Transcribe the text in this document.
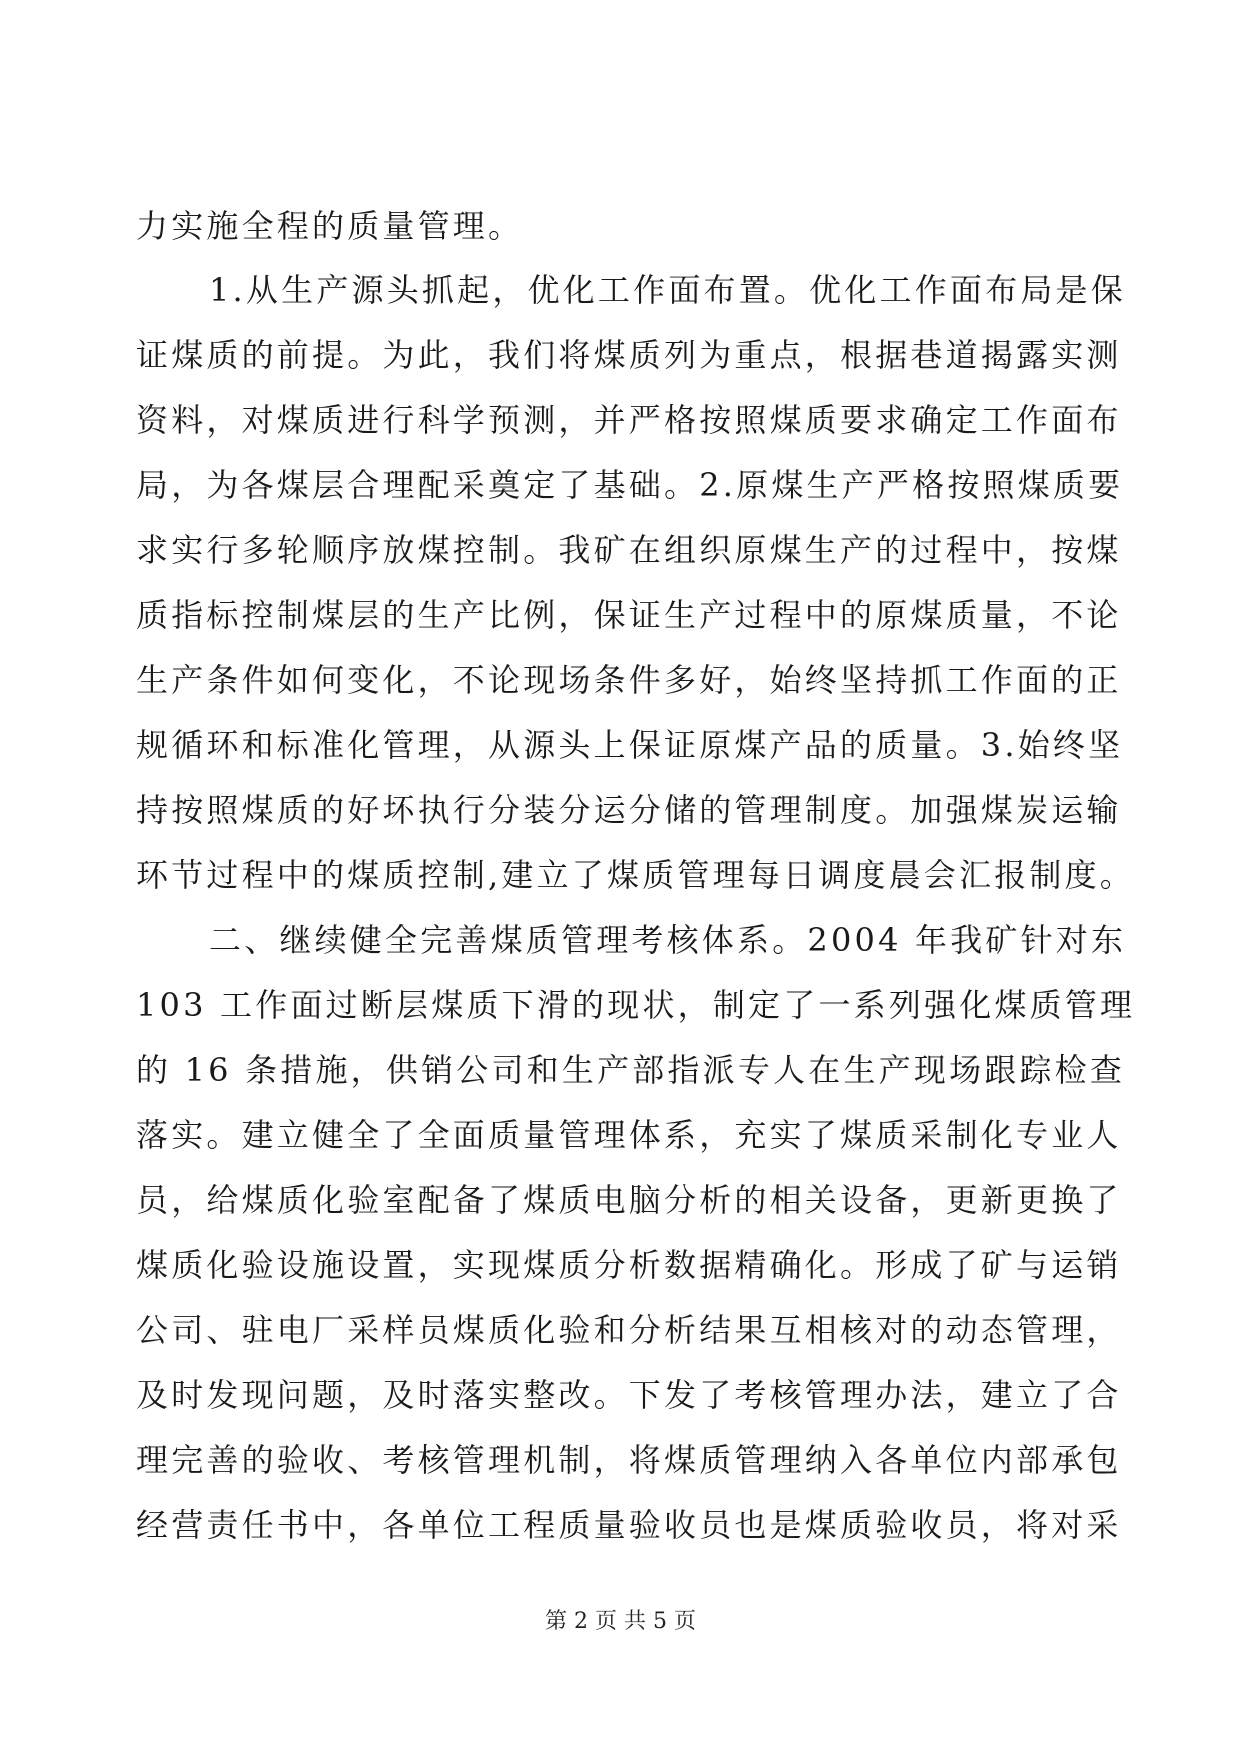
力实施全程的质量管理。
1.从生产源头抓起，优化工作面布置。优化工作面布局是保
证煤质的前提。为此，我们将煤质列为重点，根据巷道揭露实测
资料，对煤质进行科学预测，并严格按照煤质要求确定工作面布
局，为各煤层合理配采奠定了基础。2.原煤生产严格按照煤质要
求实行多轮顺序放煤控制。我矿在组织原煤生产的过程中，按煤
质指标控制煤层的生产比例，保证生产过程中的原煤质量，不论
生产条件如何变化，不论现场条件多好，始终坚持抓工作面的正
规循环和标准化管理，从源头上保证原煤产品的质量。3.始终坚
持按照煤质的好坏执行分装分运分储的管理制度。加强煤炭运输
环节过程中的煤质控制,建立了煤质管理每日调度晨会汇报制度。
二、继续健全完善煤质管理考核体系。2004 年我矿针对东
103 工作面过断层煤质下滑的现状，制定了一系列强化煤质管理
的 16 条措施，供销公司和生产部指派专人在生产现场跟踪检查
落实。建立健全了全面质量管理体系，充实了煤质采制化专业人
员，给煤质化验室配备了煤质电脑分析的相关设备，更新更换了
煤质化验设施设置，实现煤质分析数据精确化。形成了矿与运销
公司、驻电厂采样员煤质化验和分析结果互相核对的动态管理，
及时发现问题，及时落实整改。下发了考核管理办法，建立了合
理完善的验收、考核管理机制，将煤质管理纳入各单位内部承包
经营责任书中，各单位工程质量验收员也是煤质验收员，将对采
第 2 页 共 5 页
